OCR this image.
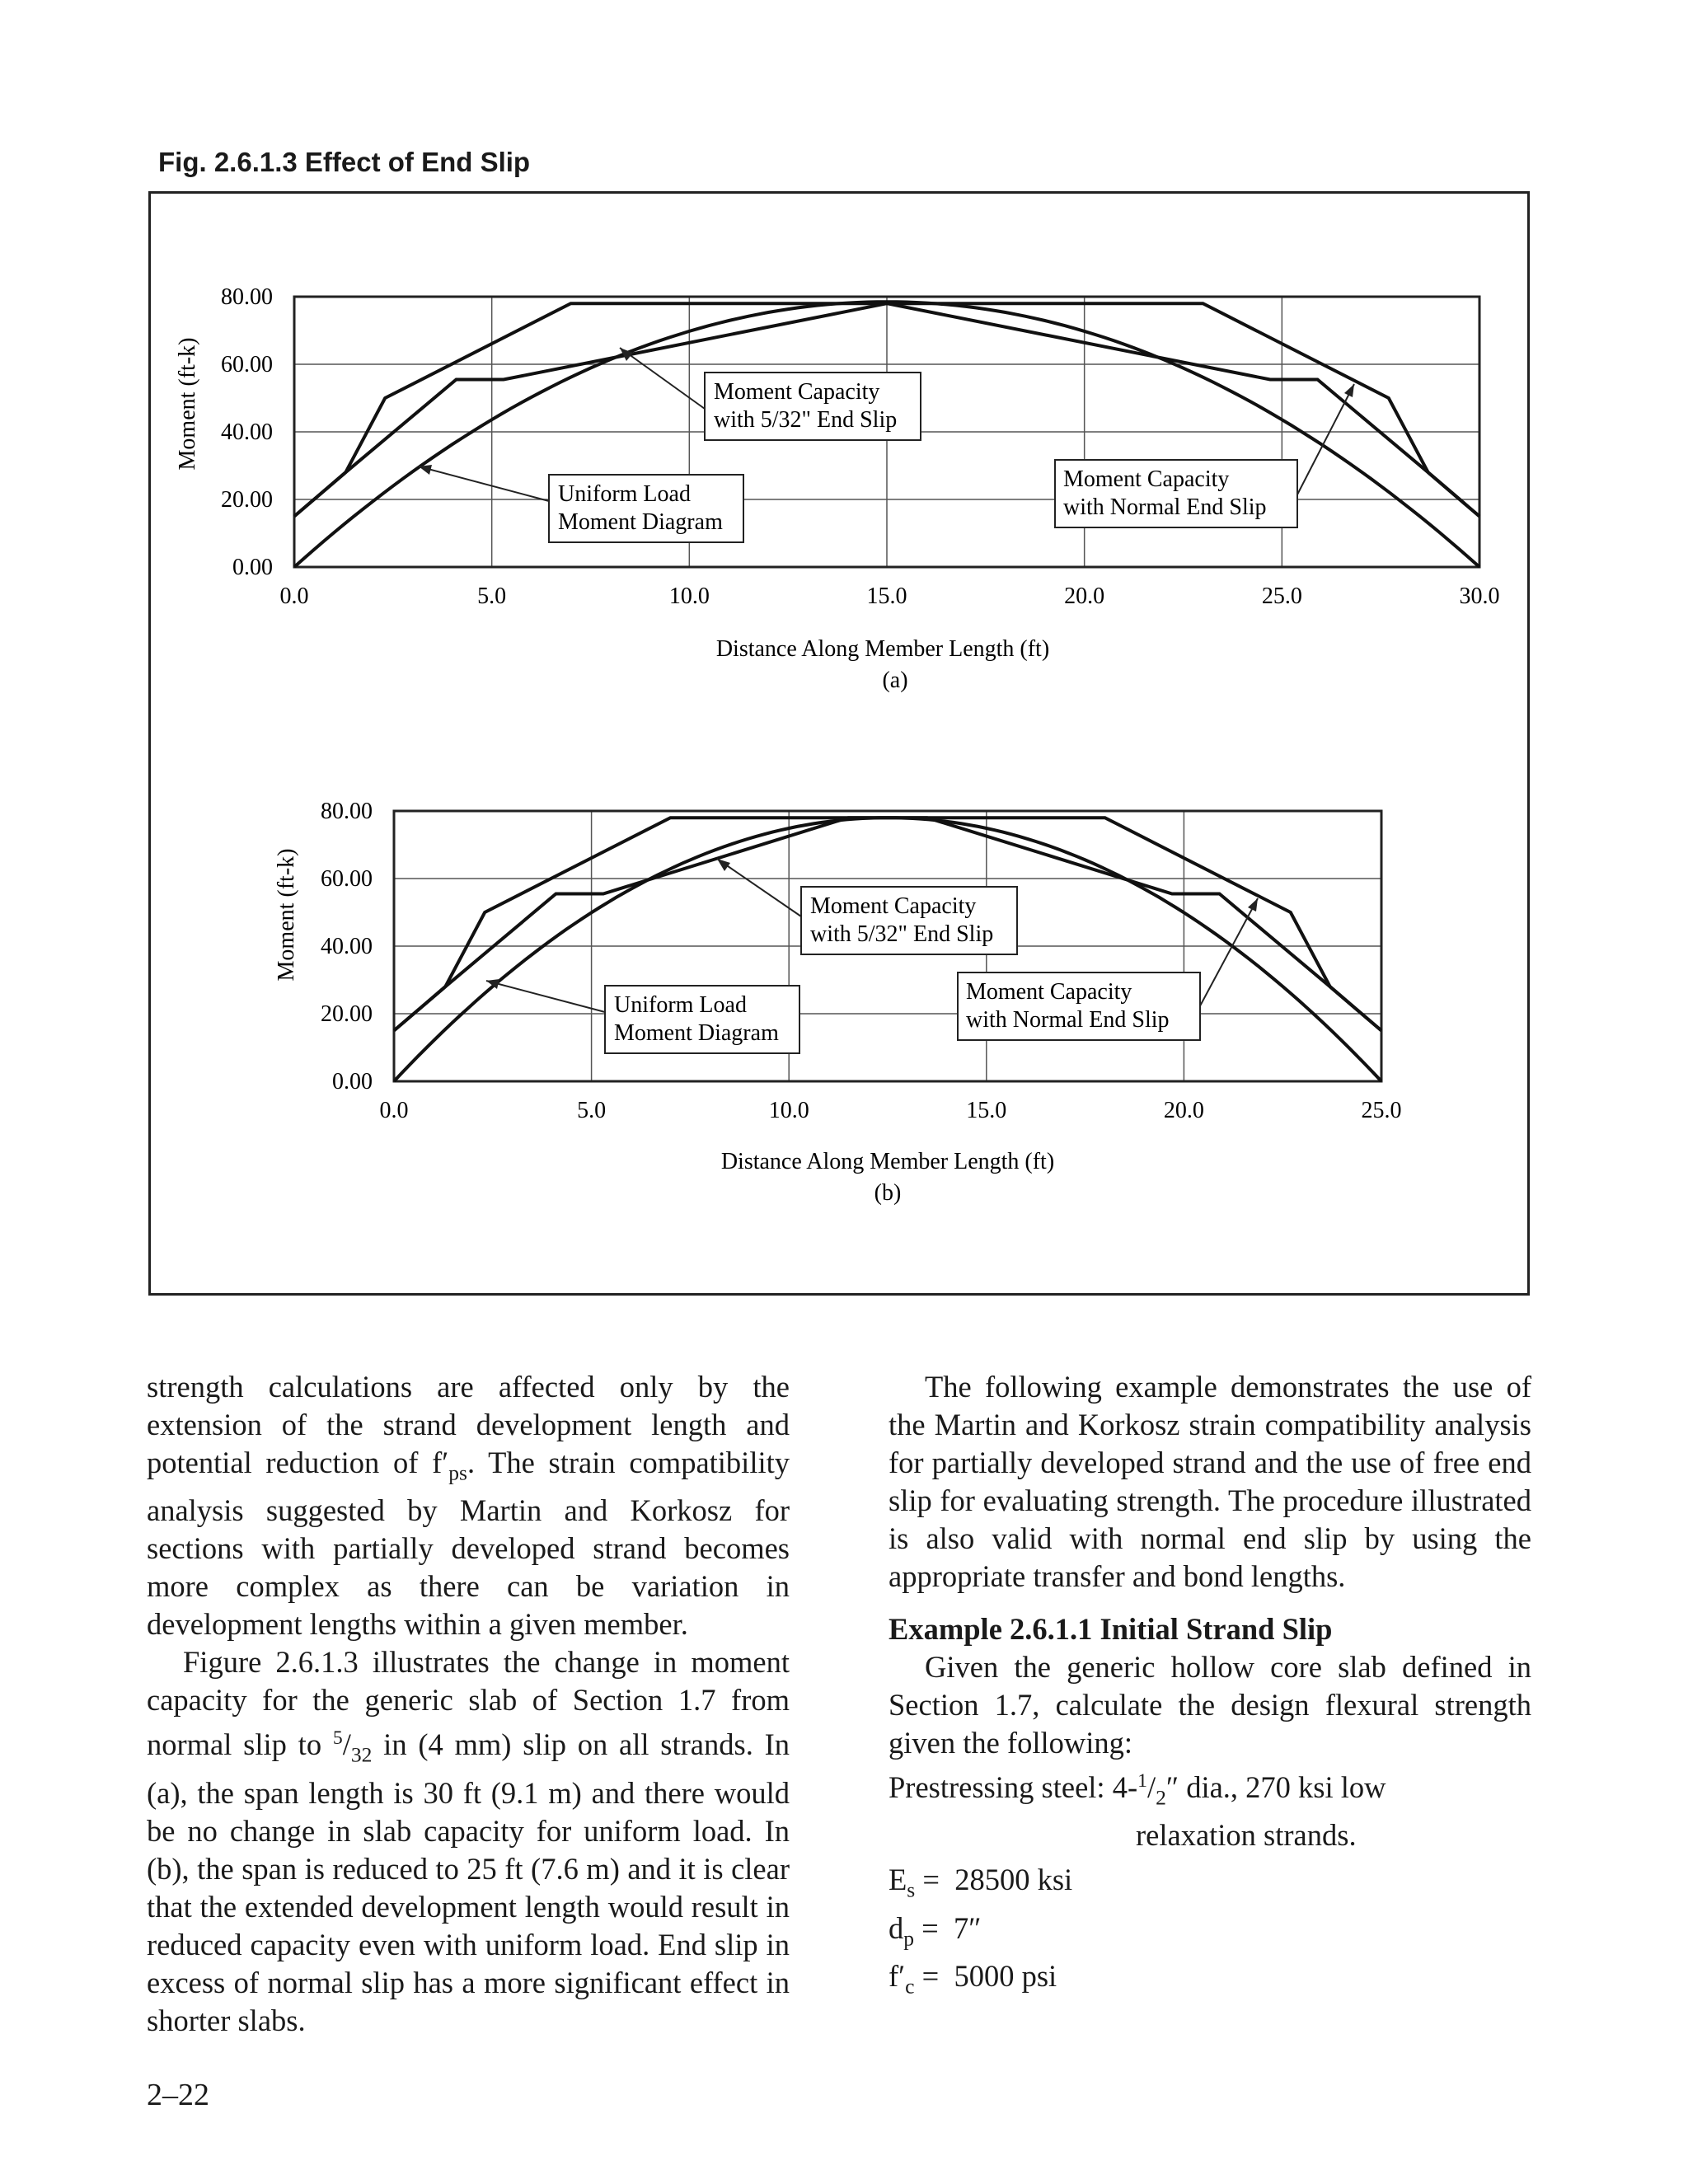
Fig. 2.6.1.3 Effect of End Slip
0.00
20.00
40.00
60.00
80.00
0.0	5.0	10.0	15.0	20.0	25.0	30.0
Moment Capacity
with 5/32" End Slip
Uniform Load
Moment Diagram
Moment Capacity
with Normal End Slip
Moment (ft-k)
Distance Along Member Length (ft)
(a)
0.00
20.00
40.00
60.00
80.00
0.0	5.0	10.0	15.0	20.0	25.0
Moment Capacity
with 5/32" End Slip
Uniform Load
Moment Diagram
Moment Capacity
with Normal End Slip
Moment (ft-k)
Distance Along Member Length (ft)
(b)

strength calculations are affected only by the extension of the strand development length and potential reduction of $f'_{ps}$. The strain compatibility analysis suggested by Martin and Korkosz for sections with partially developed strand becomes more complex as there can be variation in development lengths within a given member.

Figure 2.6.1.3 illustrates the change in moment capacity for the generic slab of Section 1.7 from normal slip to $^5/_{32}$ in (4 mm) slip on all strands. In (a), the span length is 30 ft (9.1 m) and there would be no change in slab capacity for uniform load. In (b), the span is reduced to 25 ft (7.6 m) and it is clear that the extended development length would result in reduced capacity even with uniform load. End slip in excess of normal slip has a more significant effect in shorter slabs.

The following example demonstrates the use of the Martin and Korkosz strain compatibility analysis for partially developed strand and the use of free end slip for evaluating strength. The procedure illustrated is also valid with normal end slip by using the appropriate transfer and bond lengths.

Example 2.6.1.1 Initial Strand Slip

Given the generic hollow core slab defined in Section 1.7, calculate the design flexural strength given the following:

Prestressing steel: $4-^1/_2''$ dia., 270 ksi low

relaxation strands.

$E_s = 28500$ ksi

$d_p = 7''$

$f'_c = 5000$ psi

2–22
